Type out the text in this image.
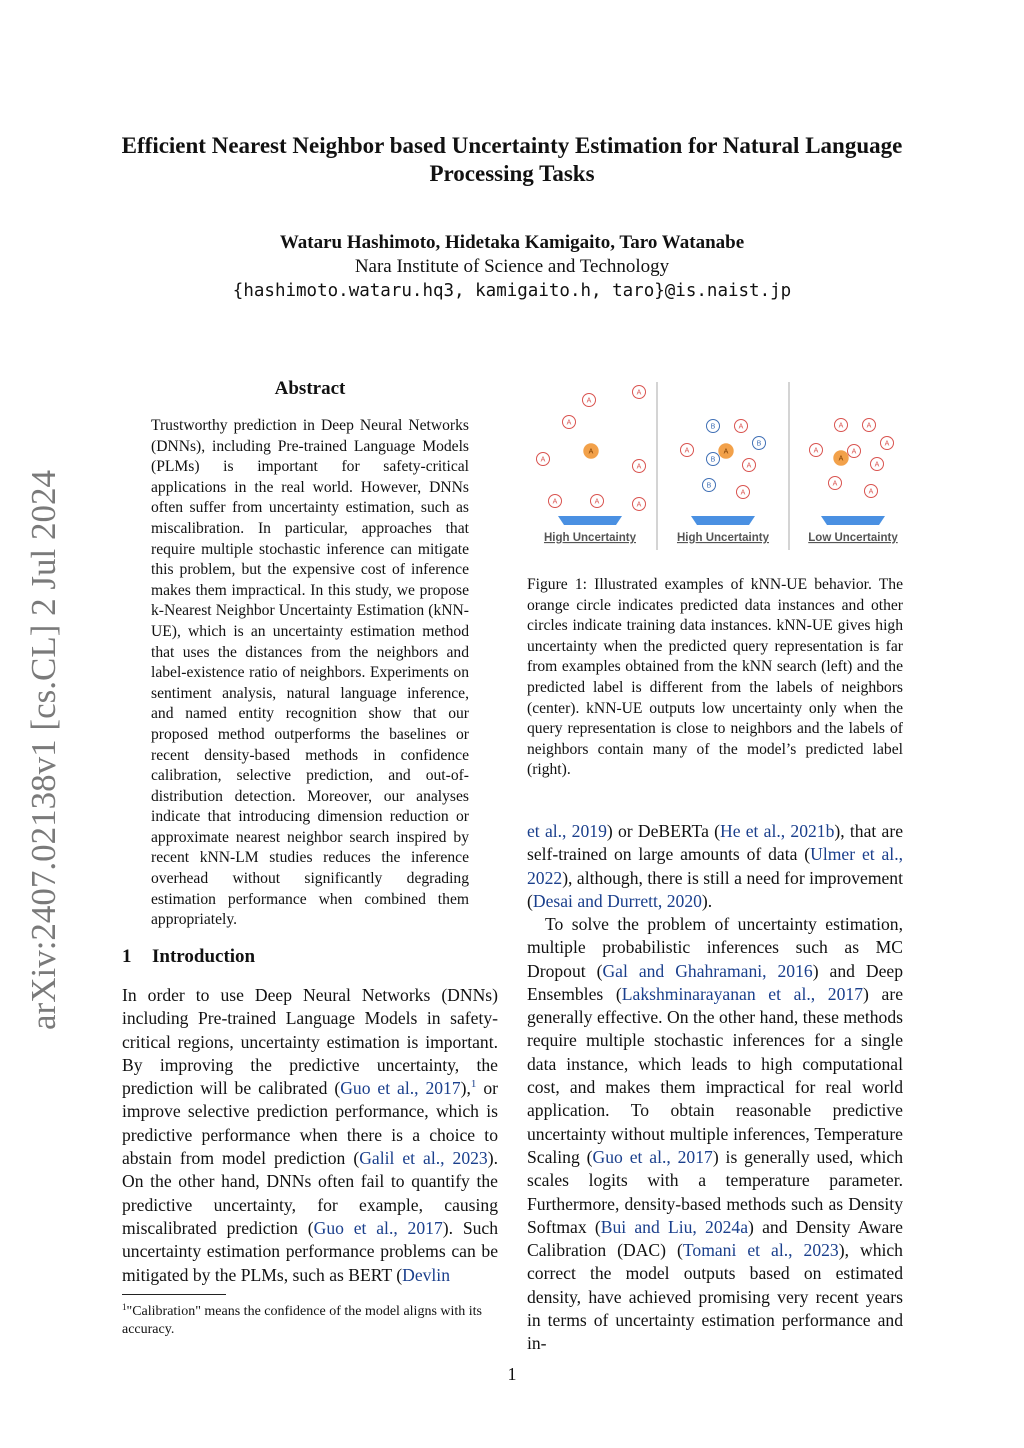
arXiv:2407.02138v1 [cs.CL] 2 Jul 2024
Efficient Nearest Neighbor based Uncertainty Estimation for Natural Language Processing Tasks
Wataru Hashimoto, Hidetaka Kamigaito, Taro Watanabe
Nara Institute of Science and Technology
{hashimoto.wataru.hq3, kamigaito.h, taro}@is.naist.jp
Abstract
Trustworthy prediction in Deep Neural Networks (DNNs), including Pre-trained Language Models (PLMs) is important for safety-critical applications in the real world. However, DNNs often suffer from uncertainty estimation, such as miscalibration. In particular, approaches that require multiple stochastic inference can mitigate this problem, but the expensive cost of inference makes them impractical. In this study, we propose k-Nearest Neighbor Uncertainty Estimation (kNN-UE), which is an uncertainty estimation method that uses the distances from the neighbors and label-existence ratio of neighbors. Experiments on sentiment analysis, natural language inference, and named entity recognition show that our proposed method outperforms the baselines or recent density-based methods in confidence calibration, selective prediction, and out-of-distribution detection. Moreover, our analyses indicate that introducing dimension reduction or approximate nearest neighbor search inspired by recent kNN-LM studies reduces the inference overhead without significantly degrading estimation performance when combined them appropriately.
1 Introduction
In order to use Deep Neural Networks (DNNs) including Pre-trained Language Models in safety-critical regions, uncertainty estimation is important. By improving the predictive uncertainty, the prediction will be calibrated (Guo et al., 2017),$^1$ or improve selective prediction performance, which is predictive performance when there is a choice to abstain from model prediction (Galil et al., 2023). On the other hand, DNNs often fail to quantify the predictive uncertainty, for example, causing miscalibrated prediction (Guo et al., 2017). Such uncertainty estimation performance problems can be mitigated by the PLMs, such as BERT (Devlin
$^1$"Calibration" means the confidence of the model aligns with its accuracy.
A
A
A
A
A
A
A	A	A
High Uncertainty
B	A
B
A
B
A
A
B
A
High Uncertainty
A	A
A
A
A
A
A
A
A
Low Uncertainty
Figure 1: Illustrated examples of kNN-UE behavior. The orange circle indicates predicted data instances and other circles indicate training data instances. kNN-UE gives high uncertainty when the predicted query representation is far from examples obtained from the kNN search (left) and the predicted label is different from the labels of neighbors (center). kNN-UE outputs low uncertainty only when the query representation is close to neighbors and the labels of neighbors contain many of the model’s predicted label (right).
et al., 2019) or DeBERTa (He et al., 2021b), that are self-trained on large amounts of data (Ulmer et al., 2022), although, there is still a need for improvement (Desai and Durrett, 2020).
To solve the problem of uncertainty estimation, multiple probabilistic inferences such as MC Dropout (Gal and Ghahramani, 2016) and Deep Ensembles (Lakshminarayanan et al., 2017) are generally effective. On the other hand, these methods require multiple stochastic inferences for a single data instance, which leads to high computational cost, and makes them impractical for real world application. To obtain reasonable predictive uncertainty without multiple inferences, Temperature Scaling (Guo et al., 2017) is generally used, which scales logits with a temperature parameter. Furthermore, density-based methods such as Density Softmax (Bui and Liu, 2024a) and Density Aware Calibration (DAC) (Tomani et al., 2023), which correct the model outputs based on estimated density, have achieved promising very recent years in terms of uncertainty estimation performance and in-
1
